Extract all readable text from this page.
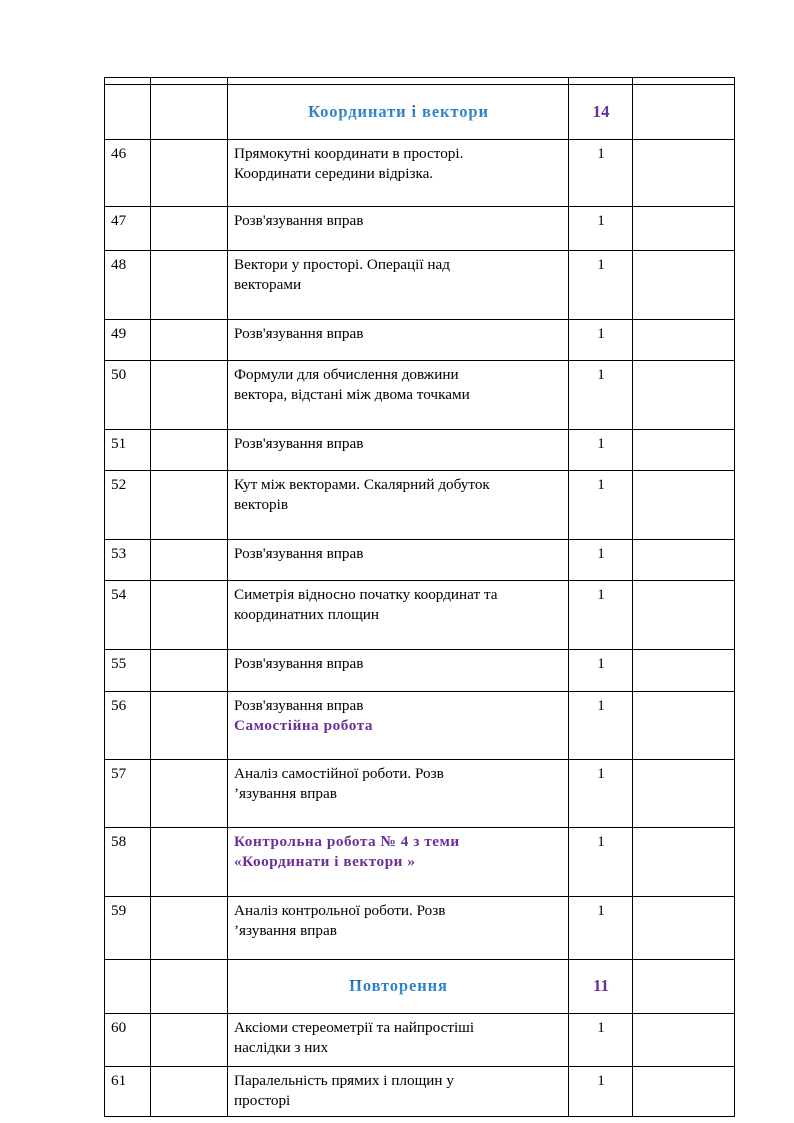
		Координати і вектори	14	
46		Прямокутні координати в просторі.
Координати середини відрізка.	1	
47		Розв'язування вправ	1	
48		Вектори у просторі. Операції над
векторами	1	
49		Розв'язування вправ	1	
50		Формули для обчислення довжини
вектора, відстані між двома точками	1	
51		Розв'язування вправ	1	
52		Кут між векторами. Скалярний добуток
векторів	1	
53		Розв'язування вправ	1	
54		Симетрія відносно початку координат та
координатних площин	1	
55		Розв'язування вправ	1	
56		Розв'язування вправ
Самостійна робота	1	
57		Аналіз самостійної роботи. Розв
’язування вправ	1	
58		Контрольна робота № 4 з теми
«Координати і вектори »	1	
59		Аналіз контрольної роботи. Розв
’язування вправ	1	
		Повторення	11	
60		Аксіоми стереометрії та найпростіші
наслідки з них	1	
61		Паралельність прямих і площин у
просторі	1	
